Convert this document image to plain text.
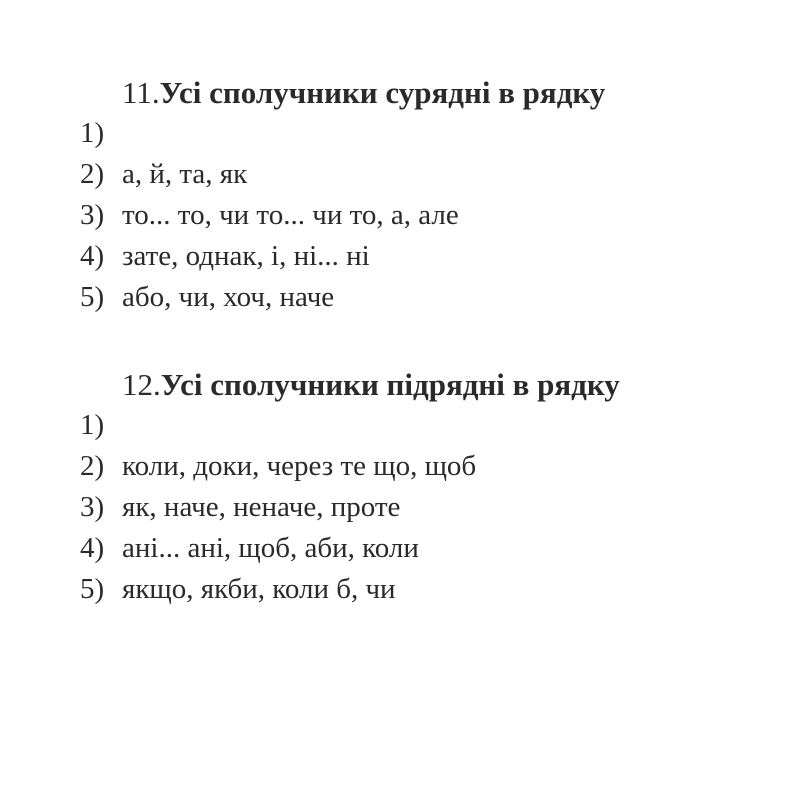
11.Усі сполучники сурядні в рядку
1)
2) а, й, та, як
3) то... то, чи то... чи то, а, але
4) зате, однак, і, ні... ні
5) або, чи, хоч, наче
12.Усі сполучники підрядні в рядку
1)
2) коли, доки, через те що, щоб
3) як, наче, неначе, проте
4) ані... ані, щоб, аби, коли
5) якщо, якби, коли б, чи
